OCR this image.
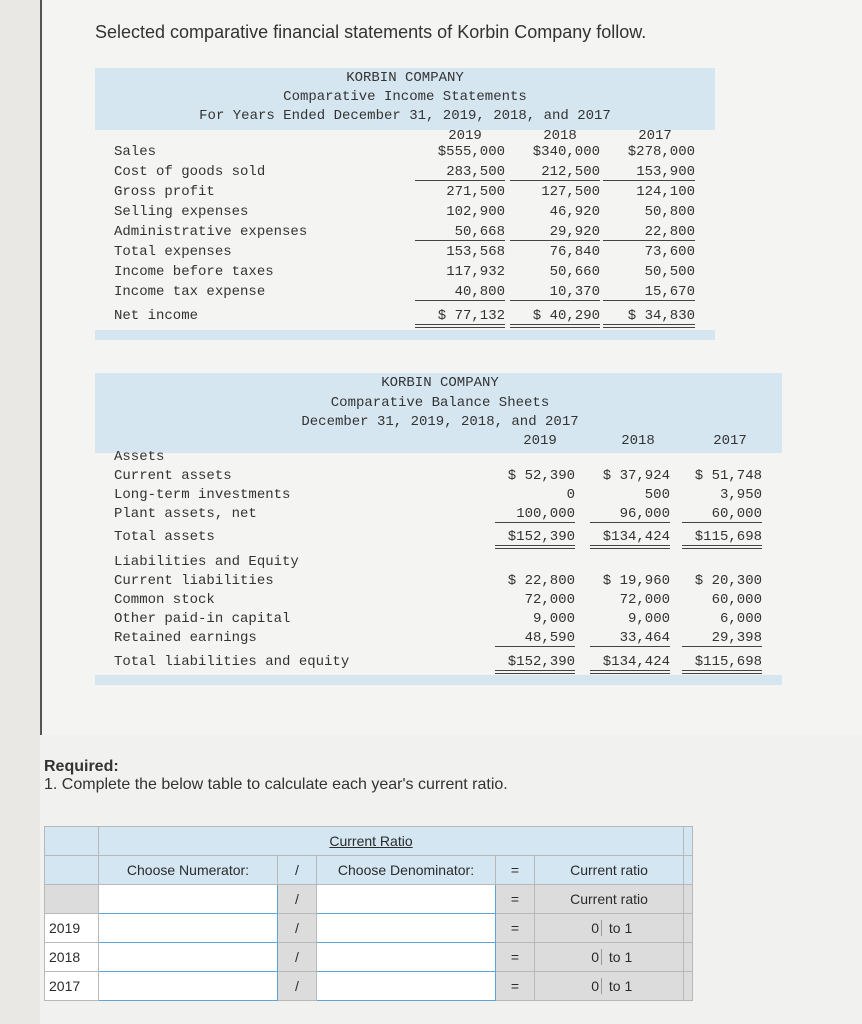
Selected comparative financial statements of Korbin Company follow.
KORBIN COMPANY
Comparative Income Statements
For Years Ended December 31, 2019, 2018, and 2017
2019	2018	2017
Sales	$555,000	$340,000	$278,000
Cost of goods sold	283,500	212,500	153,900
Gross profit	271,500	127,500	124,100
Selling expenses	102,900	46,920	50,800
Administrative expenses	50,668	29,920	22,800
Total expenses	153,568	76,840	73,600
Income before taxes	117,932	50,660	50,500
Income tax expense	40,800	10,370	15,670
Net income	$ 77,132	$ 40,290	$ 34,830
KORBIN COMPANY
Comparative Balance Sheets
December 31, 2019, 2018, and 2017
2019	2018	2017
Assets
Liabilities and Equity
Current assets	$ 52,390	$ 37,924	$ 51,748
Long-term investments	0	500	3,950
Plant assets, net	100,000	96,000	60,000
Total assets	$152,390	$134,424	$115,698
Current liabilities	$ 22,800	$ 19,960	$ 20,300
Common stock	72,000	72,000	60,000
Other paid-in capital	9,000	9,000	6,000
Retained earnings	48,590	33,464	29,398
Total liabilities and equity	$152,390	$134,424	$115,698
Required:
1. Complete the below table to calculate each year's current ratio.
	Current Ratio					
	Choose Numerator:	/	Choose Denominator:	=	Current ratio	
		/		=	Current ratio	
2019		/		=	0 to 1	
2018		/		=	0 to 1	
2017		/		=	0 to 1	
